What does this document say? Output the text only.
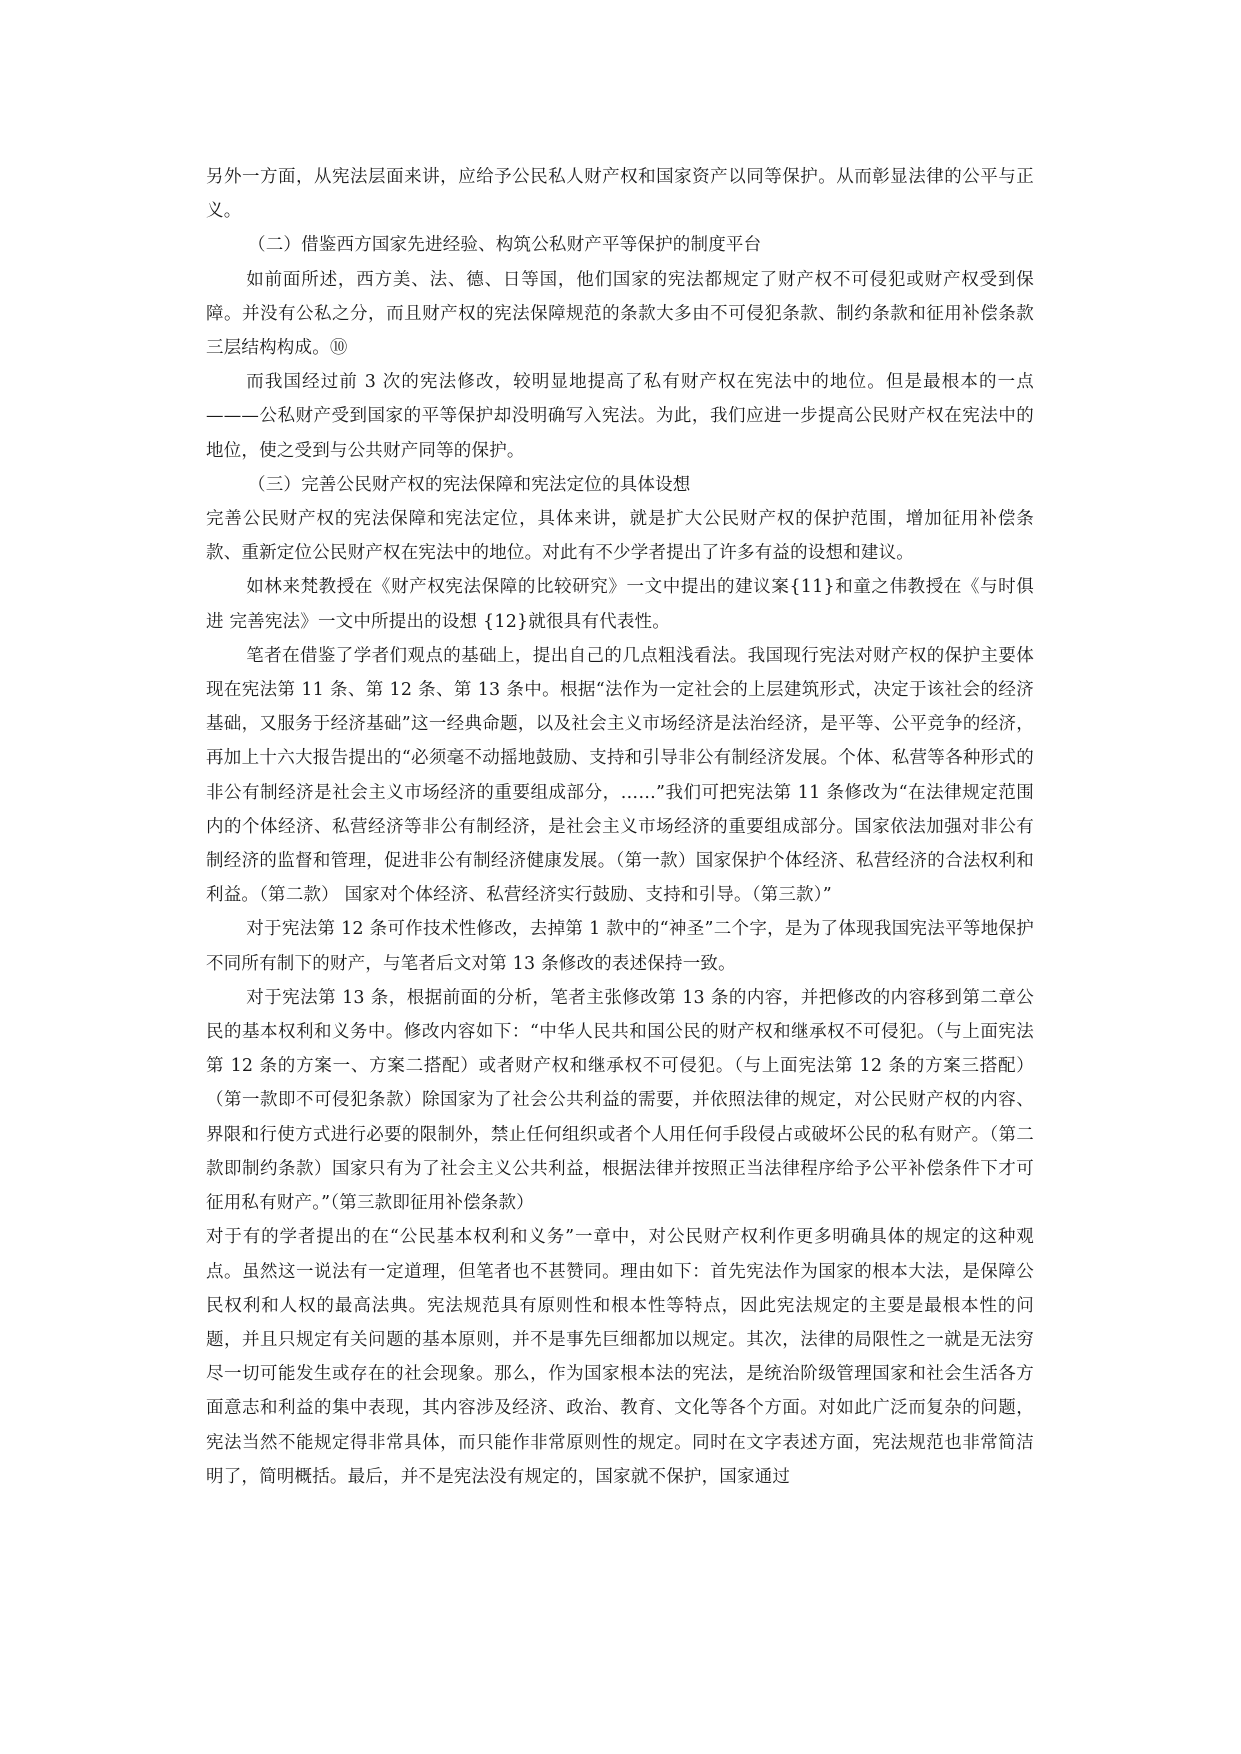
另外一方面，从宪法层面来讲，应给予公民私人财产权和国家资产以同等保护。从而彰显法律的公平与正义。

（二）借鉴西方国家先进经验、构筑公私财产平等保护的制度平台

如前面所述，西方美、法、德、日等国，他们国家的宪法都规定了财产权不可侵犯或财产权受到保障。并没有公私之分，而且财产权的宪法保障规范的条款大多由不可侵犯条款、制约条款和征用补偿条款三层结构构成。⑩

而我国经过前 3 次的宪法修改，较明显地提高了私有财产权在宪法中的地位。但是最根本的一点———公私财产受到国家的平等保护却没明确写入宪法。为此，我们应进一步提高公民财产权在宪法中的地位，使之受到与公共财产同等的保护。

（三）完善公民财产权的宪法保障和宪法定位的具体设想

完善公民财产权的宪法保障和宪法定位，具体来讲，就是扩大公民财产权的保护范围，增加征用补偿条款、重新定位公民财产权在宪法中的地位。对此有不少学者提出了许多有益的设想和建议。

如林来梵教授在《财产权宪法保障的比较研究》一文中提出的建议案{11}和童之伟教授在《与时俱进 完善宪法》一文中所提出的设想 {12}就很具有代表性。

笔者在借鉴了学者们观点的基础上，提出自己的几点粗浅看法。我国现行宪法对财产权的保护主要体现在宪法第 11 条、第 12 条、第 13 条中。根据“法作为一定社会的上层建筑形式，决定于该社会的经济基础，又服务于经济基础”这一经典命题，以及社会主义市场经济是法治经济，是平等、公平竞争的经济，再加上十六大报告提出的“必须毫不动摇地鼓励、支持和引导非公有制经济发展。个体、私营等各种形式的非公有制经济是社会主义市场经济的重要组成部分，……”我们可把宪法第 11 条修改为“在法律规定范围内的个体经济、私营经济等非公有制经济，是社会主义市场经济的重要组成部分。国家依法加强对非公有制经济的监督和管理，促进非公有制经济健康发展。（第一款）国家保护个体经济、私营经济的合法权利和利益。（第二款） 国家对个体经济、私营经济实行鼓励、支持和引导。（第三款）”

对于宪法第 12 条可作技术性修改，去掉第 1 款中的“神圣”二个字，是为了体现我国宪法平等地保护不同所有制下的财产，与笔者后文对第 13 条修改的表述保持一致。

对于宪法第 13 条，根据前面的分析，笔者主张修改第 13 条的内容，并把修改的内容移到第二章公民的基本权利和义务中。修改内容如下：“中华人民共和国公民的财产权和继承权不可侵犯。（与上面宪法第 12 条的方案一、方案二搭配）或者财产权和继承权不可侵犯。（与上面宪法第 12 条的方案三搭配）（第一款即不可侵犯条款）除国家为了社会公共利益的需要，并依照法律的规定，对公民财产权的内容、界限和行使方式进行必要的限制外，禁止任何组织或者个人用任何手段侵占或破坏公民的私有财产。（第二款即制约条款）国家只有为了社会主义公共利益，根据法律并按照正当法律程序给予公平补偿条件下才可征用私有财产。”（第三款即征用补偿条款）

对于有的学者提出的在“公民基本权利和义务”一章中，对公民财产权利作更多明确具体的规定的这种观点。虽然这一说法有一定道理，但笔者也不甚赞同。理由如下：首先宪法作为国家的根本大法，是保障公民权利和人权的最高法典。宪法规范具有原则性和根本性等特点，因此宪法规定的主要是最根本性的问题，并且只规定有关问题的基本原则，并不是事先巨细都加以规定。其次，法律的局限性之一就是无法穷尽一切可能发生或存在的社会现象。那么，作为国家根本法的宪法，是统治阶级管理国家和社会生活各方面意志和利益的集中表现，其内容涉及经济、政治、教育、文化等各个方面。对如此广泛而复杂的问题，宪法当然不能规定得非常具体，而只能作非常原则性的规定。同时在文字表述方面，宪法规范也非常简洁明了，简明概括。最后，并不是宪法没有规定的，国家就不保护，国家通过
